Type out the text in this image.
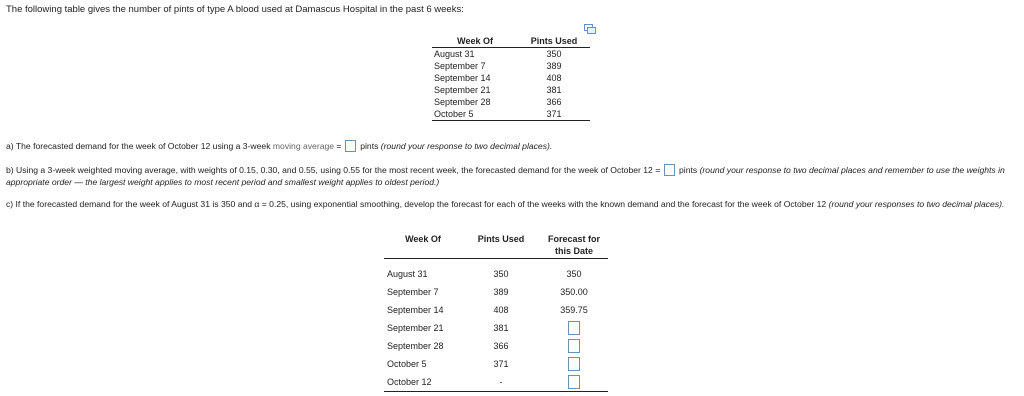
The following table gives the number of pints of type A blood used at Damascus Hospital in the past 6 weeks:
Week Of	Pints Used
August 31	350
September 7	389
September 14	408
September 21	381
September 28	366
October 5	371
a) The forecasted demand for the week of October 12 using a 3-week moving average = pints (round your response to two decimal places).
b) Using a 3-week weighted moving average, with weights of 0.15, 0.30, and 0.55, using 0.55 for the most recent week, the forecasted demand for the week of October 12 = pints (round your response to two decimal places and remember to use the weights in appropriate order — the largest weight applies to most recent period and smallest weight applies to oldest period.)
c) If the forecasted demand for the week of August 31 is 350 and α = 0.25, using exponential smoothing, develop the forecast for each of the weeks with the known demand and the forecast for the week of October 12 (round your responses to two decimal places).
Week Of	Pints Used	Forecast for this Date

August 31	350	350
September 7	389	350.00
September 14	408	359.75
September 21	381	
September 28	366	
October 5	371	
October 12	-	
